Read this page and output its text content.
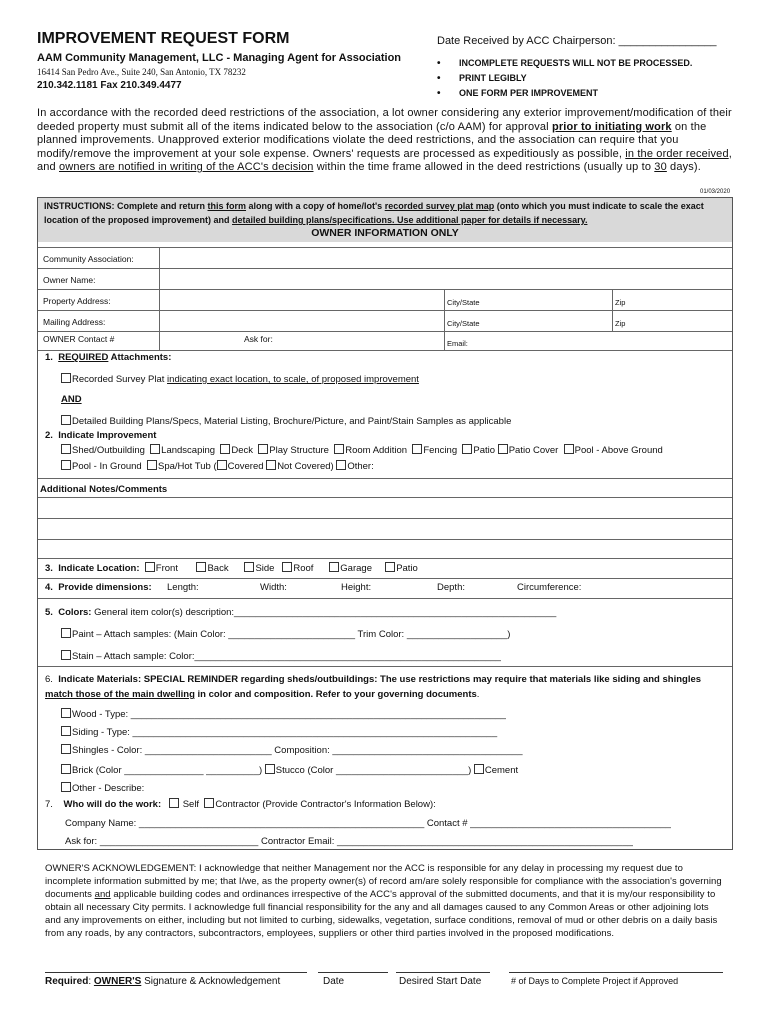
IMPROVEMENT REQUEST FORM
AAM Community Management, LLC - Managing Agent for Association
16414 San Pedro Ave., Suite 240, San Antonio, TX 78232
210.342.1181 Fax 210.349.4477
Date Received by ACC Chairperson: ________________
• INCOMPLETE REQUESTS WILL NOT BE PROCESSED.
• PRINT LEGIBLY
• ONE FORM PER IMPROVEMENT
In accordance with the recorded deed restrictions of the association, a lot owner considering any exterior improvement/modification of their deeded property must submit all of the items indicated below to the association (c/o AAM) for approval prior to initiating work on the planned improvements. Unapproved exterior modifications violate the deed restrictions, and the association can require that you modify/remove the improvement at your sole expense. Owners' requests are processed as expeditiously as possible, in the order received, and owners are notified in writing of the ACC's decision within the time frame allowed in the deed restrictions (usually up to 30 days).
01/03/2020
INSTRUCTIONS: Complete and return this form along with a copy of home/lot's recorded survey plat map (onto which you must indicate to scale the exact location of the proposed improvement) and detailed building plans/specifications. Use additional paper for details if necessary.
OWNER INFORMATION ONLY
Community Association:
Owner Name:
Property Address:	City/State	Zip
Mailing Address:	City/State	Zip
OWNER Contact #	Ask for:	Email:
1. REQUIRED Attachments:
Recorded Survey Plat indicating exact location, to scale, of proposed improvement
AND
Detailed Building Plans/Specs, Material Listing, Brochure/Picture, and Paint/Stain Samples as applicable
2. Indicate Improvement
Shed/Outbuilding Landscaping Deck Play Structure Room Addition Fencing Patio Patio Cover Pool - Above Ground
Pool - In Ground Spa/Hot Tub ( Covered Not Covered) Other:
Additional Notes/Comments
3. Indicate Location: Front	Back	Side Roof	Garage	Patio
4. Provide dimensions: Length:	Width:	Height:	Depth:	Circumference:
5. Colors: General item color(s) description:_____________________________________________________________
Paint – Attach samples: (Main Color: ________________________ Trim Color: ___________________)
Stain – Attach sample: Color:__________________________________________________________
6. Indicate Materials: SPECIAL REMINDER regarding sheds/outbuildings: The use restrictions may require that materials like siding and shingles match those of the main dwelling in color and composition. Refer to your governing documents.
Wood - Type: _______________________________________________________________________
Siding - Type: _____________________________________________________________________
Shingles - Color: ________________________ Composition: ____________________________________
Brick (Color _______________ __________) Stucco (Color _________________________) Cement
Other - Describe:
7. Who will do the work: Self Contractor (Provide Contractor's Information Below):
Company Name: ______________________________________________________ Contact # ______________________________________
Ask for: ______________________________ Contractor Email: ________________________________________________________
OWNER'S ACKNOWLEDGEMENT: I acknowledge that neither Management nor the ACC is responsible for any delay in processing my request due to incomplete information submitted by me; that I/we, as the property owner(s) of record am/are solely responsible for compliance with the association's governing documents and applicable building codes and ordinances irrespective of the ACC's approval of the submitted documents, and that it is my/our responsibility to obtain all necessary City permits. I acknowledge full financial responsibility for the any and all damages caused to any Common Areas or other adjoining lots and any improvements on either, including but not limited to curbing, sidewalks, vegetation, surface conditions, removal of mud or other debris on a daily basis from any roads, by any contractors, subcontractors, employees, suppliers or other third parties involved in the proposed modifications.
Required: OWNER'S Signature & Acknowledgement	Date	Desired Start Date	# of Days to Complete Project if Approved
